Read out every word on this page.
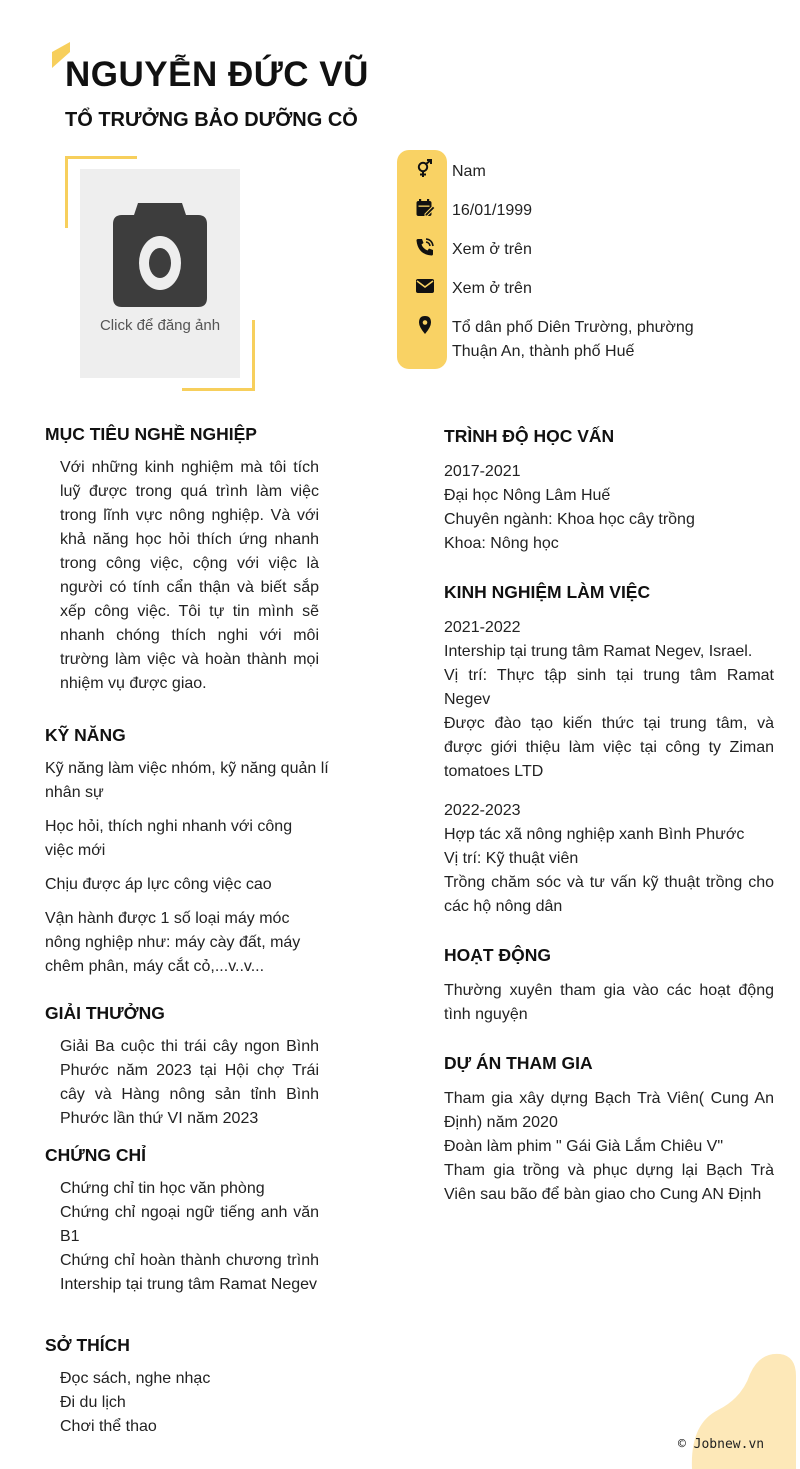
NGUYỄN ĐỨC VŨ
TỔ TRƯỞNG BẢO DƯỠNG CỎ
Click để đăng ảnh
Nam
16/01/1999
Xem ở trên
Xem ở trên
Tổ dân phố Diên Trường, phường
Thuận An, thành phố Huế
MỤC TIÊU NGHỀ NGHIỆP
Với những kinh nghiệm mà tôi tích luỹ được trong quá trình làm việc trong lĩnh vực nông nghiệp. Và với khả năng học hỏi thích ứng nhanh trong công việc, cộng với việc là người có tính cẩn thận và biết sắp xếp công việc. Tôi tự tin mình sẽ nhanh chóng thích nghi với môi trường làm việc và hoàn thành mọi nhiệm vụ được giao.
KỸ NĂNG
Kỹ năng làm việc nhóm, kỹ năng quản lí nhân sự
Học hỏi, thích nghi nhanh với công việc mới
Chịu được áp lực công việc cao
Vận hành được 1 số loại máy móc nông nghiệp như: máy cày đất, máy chêm phân, máy cắt cỏ,...v..v...
GIẢI THƯỞNG
Giải Ba cuộc thi trái cây ngon Bình Phước năm 2023 tại Hội chợ Trái cây và Hàng nông sản tỉnh Bình Phước lần thứ VI năm 2023
CHỨNG CHỈ
Chứng chỉ tin học văn phòng
Chứng chỉ ngoại ngữ tiếng anh văn B1
Chứng chỉ hoàn thành chương trình Intership tại trung tâm Ramat Negev
SỞ THÍCH
Đọc sách, nghe nhạc
Đi du lịch
Chơi thể thao
TRÌNH ĐỘ HỌC VẤN
2017-2021
Đại học Nông Lâm Huế
Chuyên ngành: Khoa học cây trồng
Khoa: Nông học
KINH NGHIỆM LÀM VIỆC
2021-2022
Intership tại trung tâm Ramat Negev, Israel.
Vị trí: Thực tập sinh tại trung tâm Ramat Negev
Được đào tạo kiến thức tại trung tâm, và được giới thiệu làm việc tại công ty Ziman tomatoes LTD
2022-2023
Hợp tác xã nông nghiệp xanh Bình Phước
Vị trí: Kỹ thuật viên
Trồng chăm sóc và tư vấn kỹ thuật trồng cho các hộ nông dân
HOẠT ĐỘNG
Thường xuyên tham gia vào các hoạt động tình nguyện
DỰ ÁN THAM GIA
Tham gia xây dựng Bạch Trà Viên( Cung An Định) năm 2020
Đoàn làm phim " Gái Già Lắm Chiêu V"
Tham gia trồng và phục dựng lại Bạch Trà Viên sau bão để bàn giao cho Cung AN Định
© Jobnew.vn
